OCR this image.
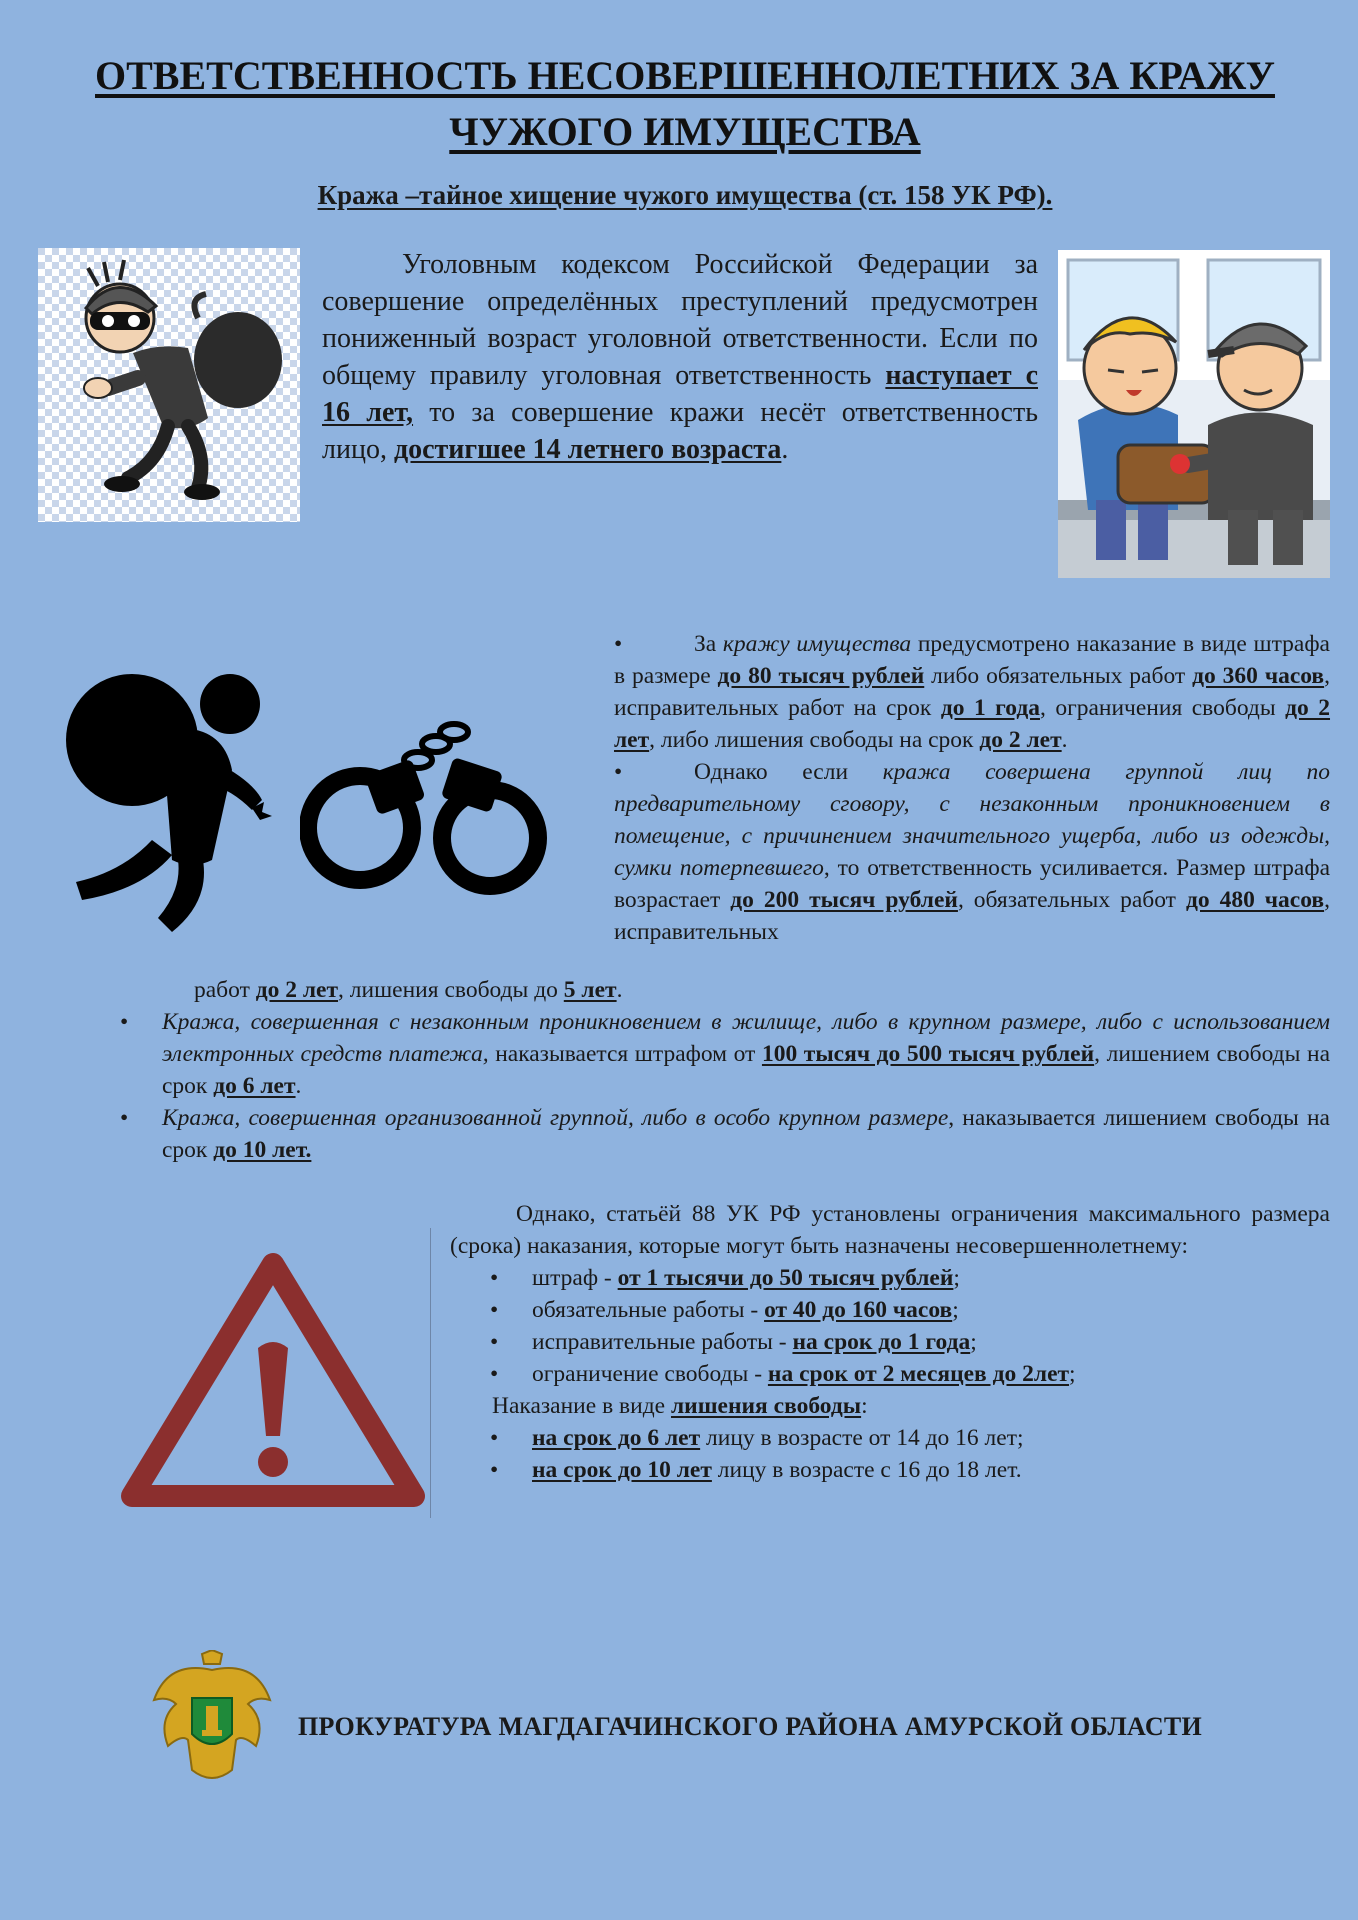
ОТВЕТСТВЕННОСТЬ НЕСОВЕРШЕННОЛЕТНИХ ЗА КРАЖУ
ЧУЖОГО ИМУЩЕСТВА
Кража –тайное хищение чужого имущества (ст. 158 УК РФ).
Уголовным кодексом Российской Федерации за совершение определённых преступлений предусмотрен пониженный возраст уголовной ответственности. Если по общему правилу уголовная ответственность наступает с 16 лет, то за совершение кражи несёт ответственность лицо, достигшее 14 летнего возраста.
•	За кражу имущества предусмотрено наказание в виде штрафа в размере до 80 тысяч рублей либо обязательных работ до 360 часов, исправительных работ на срок до 1 года, ограничения свободы до 2 лет, либо лишения свободы на срок до 2 лет.
•	Однако если кража совершена группой лиц по предварительному сговору, с незаконным проникновением в помещение, с причинением значительного ущерба, либо из одежды, сумки потерпевшего, то ответственность усиливается. Размер штрафа возрастает до 200 тысяч рублей, обязательных работ до 480 часов, исправительных
работ до 2 лет, лишения свободы до 5 лет.
• Кража, совершенная с незаконным проникновением в жилище, либо в крупном размере, либо с использованием электронных средств платежа, наказывается штрафом от 100 тысяч до 500 тысяч рублей, лишением свободы на срок до 6 лет.
• Кража, совершенная организованной группой, либо в особо крупном размере, наказывается лишением свободы на срок до 10 лет.
Однако, статьёй 88 УК РФ установлены ограничения максимального размера (срока) наказания, которые могут быть назначены несовершеннолетнему:
• штраф - от 1 тысячи до 50 тысяч рублей;
• обязательные работы - от 40 до 160 часов;
• исправительные работы - на срок до 1 года;
• ограничение свободы - на срок от 2 месяцев до 2лет;
Наказание в виде лишения свободы:
• на срок до 6 лет лицу в возрасте от 14 до 16 лет;
• на срок до 10 лет лицу в возрасте с 16 до 18 лет.
ПРОКУРАТУРА МАГДАГАЧИНСКОГО РАЙОНА АМУРСКОЙ ОБЛАСТИ
